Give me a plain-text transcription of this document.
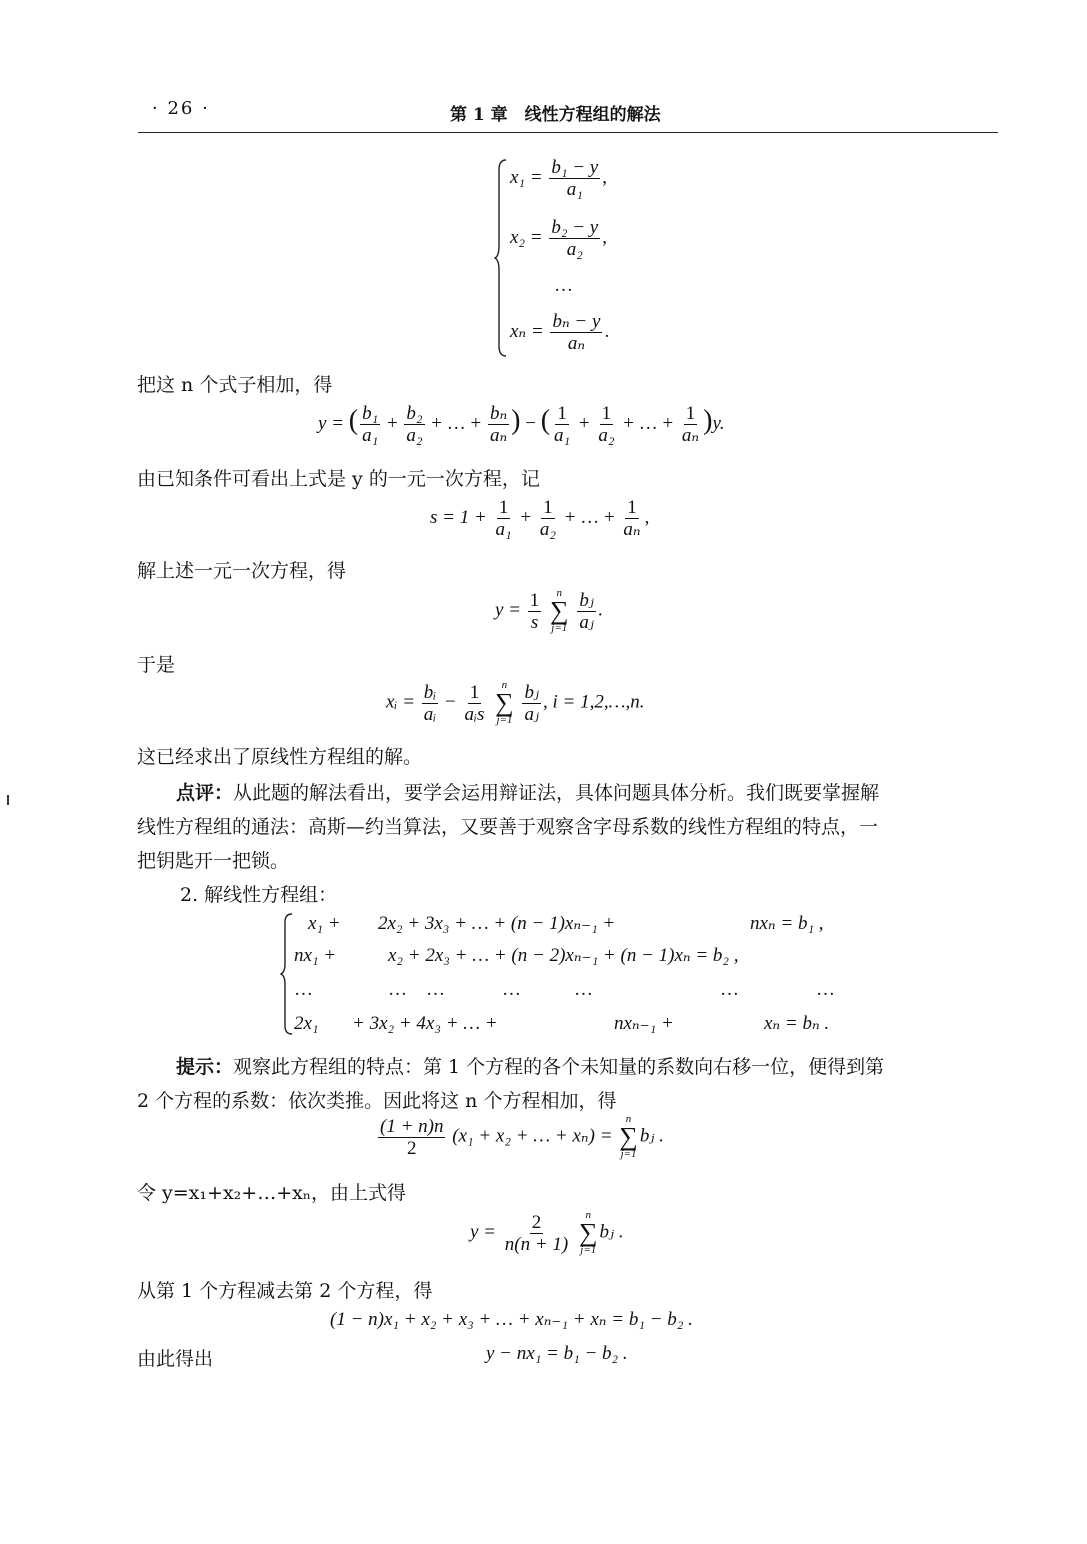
· 26 ·	第 1 章　线性方程组的解法
$x_1 = \frac{\text{b₁ − y}}{\text{a₁}}$ ,
$x_2 = \frac{\text{b₂ − y}}{\text{a₂}}$ ,
…
$x_n = \frac{\text{bₙ − y}}{\text{aₙ}}$ .
把这 n 个式子相加，得
y = ( $\frac{\text{b₁}}{\text{a₁}} + \frac{\text{b₂}}{\text{a₂}}$ + … + $\frac{\text{bₙ}}{\text{aₙ}}$ ) − ( $\frac{1}{\text{a₁}} + \frac{1}{\text{a₂}}$ + … + $\frac{1}{\text{aₙ}} )y$.
由已知条件可看出上式是 y 的一元一次方程，记
$s = 1 + \frac{1}{\text{a₁}} + \frac{1}{\text{a₂}}$ + … + $\frac{1}{\text{aₙ}}$ ,
解上述一元一次方程，得
$y = \frac{1}{s}$
n
∑
j=1
$\frac{\text{bⱼ}}{\text{aⱼ}}$ .
于是
xᵢ = $\frac{\text{bᵢ}}{\text{aᵢ}} - \frac{1}{\text{aᵢs}}$
n
∑
j=1
$\frac{\text{bⱼ}}{\text{aⱼ}}$ , i = 1,2,…,n.
这已经求出了原线性方程组的解。
点评：从此题的解法看出，要学会运用辩证法，具体问题具体分析。我们既要掌握解
线性方程组的通法：高斯—约当算法，又要善于观察含字母系数的线性方程组的特点，一
把钥匙开一把锁。
2. 解线性方程组：
x₁ + 2x₂ + 3x₃ + … + (n − 1)xₙ₋₁ +	nxₙ = b₁ ,
nx₁ +	x₂ + 2x₃ + … + (n − 2)xₙ₋₁ + (n − 1)xₙ = b₂ ,
…	…　…	…	…	…	…
2x₁ + 3x₂ + 4x₃ + … +	nxₙ₋₁ +	xₙ = bₙ .
提示：观察此方程组的特点：第 1 个方程的各个未知量的系数向右移一位，便得到第
2 个方程的系数：依次类推。因此将这 n 个方程相加，得
$\frac{(1 + n)n}{2} (x_1 + x_2$ + … + xₙ) =
n
∑
j=1
bⱼ .
令 y=x₁+x₂+…+xₙ，由上式得
$y = \frac{2}{n(n + 1)}$
n
∑
j=1
bⱼ .
从第 1 个方程减去第 2 个方程，得
(1 − n)x₁ + x₂ + x₃ + … + xₙ₋₁ + xₙ = b₁ − b₂ .
由此得出	y − nx₁ = b₁ − b₂ .
